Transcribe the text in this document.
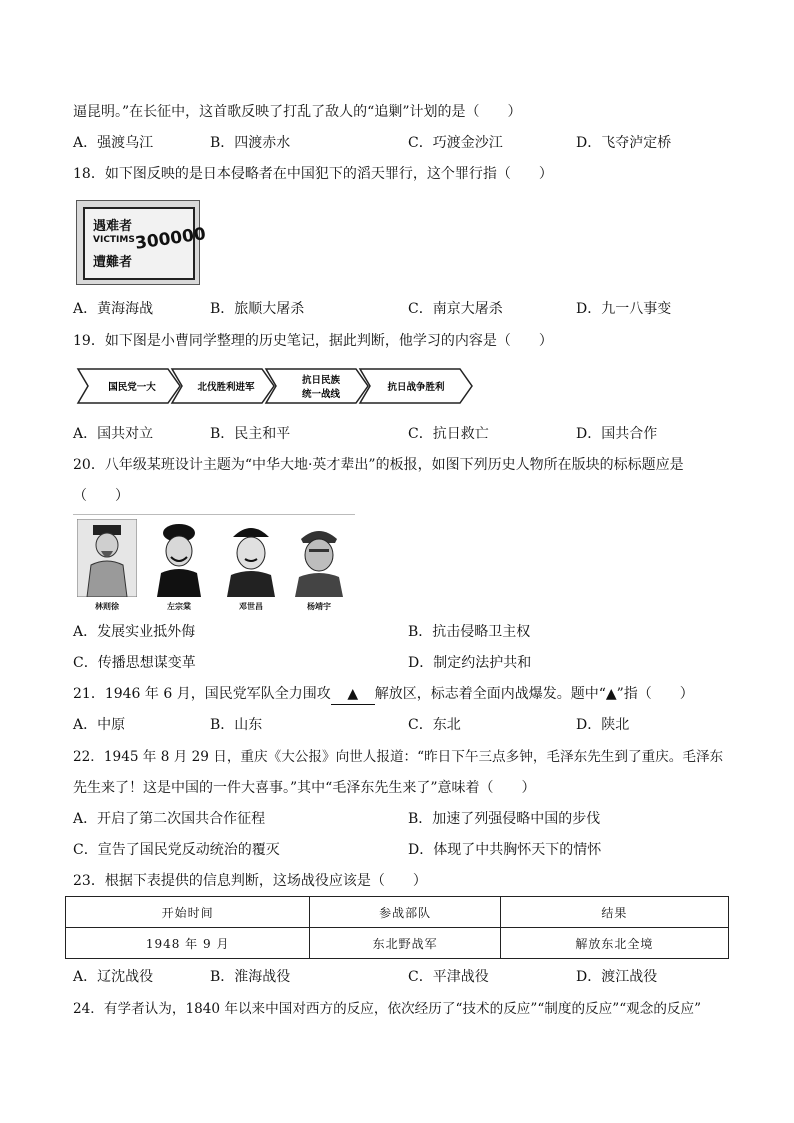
逼昆明。”在长征中，这首歌反映了打乱了敌人的“追剿”计划的是（　　）
A．强渡乌江	B．四渡赤水	C．巧渡金沙江	D．飞夺泸定桥
18．如下图反映的是日本侵略者在中国犯下的滔天罪行，这个罪行指（　　）
遇难者
VICTIMS
遭難者
300000
A．黄海海战	B．旅顺大屠杀	C．南京大屠杀	D．九一八事变
19．如下图是小曹同学整理的历史笔记，据此判断，他学习的内容是（　　）
国民党一大	北伐胜利进军
抗日民族
统一战线
抗日战争胜利
A．国共对立	B．民主和平	C．抗日救亡	D．国共合作
20．八年级某班设计主题为“中华大地·英才辈出”的板报，如图下列历史人物所在版块的标标题应是
（　　）
林则徐	左宗棠	邓世昌	杨靖宇
A．发展实业抵外侮	B．抗击侵略卫主权
C．传播思想谋变革	D．制定约法护共和
21．1946 年 6 月，国民党军队全力围攻 ▲ 解放区，标志着全面内战爆发。题中“▲”指（　　）
A．中原	B．山东	C．东北	D．陕北
22．1945 年 8 月 29 日，重庆《大公报》向世人报道：“昨日下午三点多钟，毛泽东先生到了重庆。毛泽东
先生来了！这是中国的一件大喜事。”其中“毛泽东先生来了”意味着（　　）
A．开启了第二次国共合作征程	B．加速了列强侵略中国的步伐
C．宣告了国民党反动统治的覆灭	D．体现了中共胸怀天下的情怀
23．根据下表提供的信息判断，这场战役应该是（　　）
开始时间	参战部队	结果
1948 年 9 月	东北野战军	解放东北全境
A．辽沈战役	B．淮海战役	C．平津战役	D．渡江战役
24．有学者认为，1840 年以来中国对西方的反应，依次经历了“技术的反应”“制度的反应”“观念的反应”
